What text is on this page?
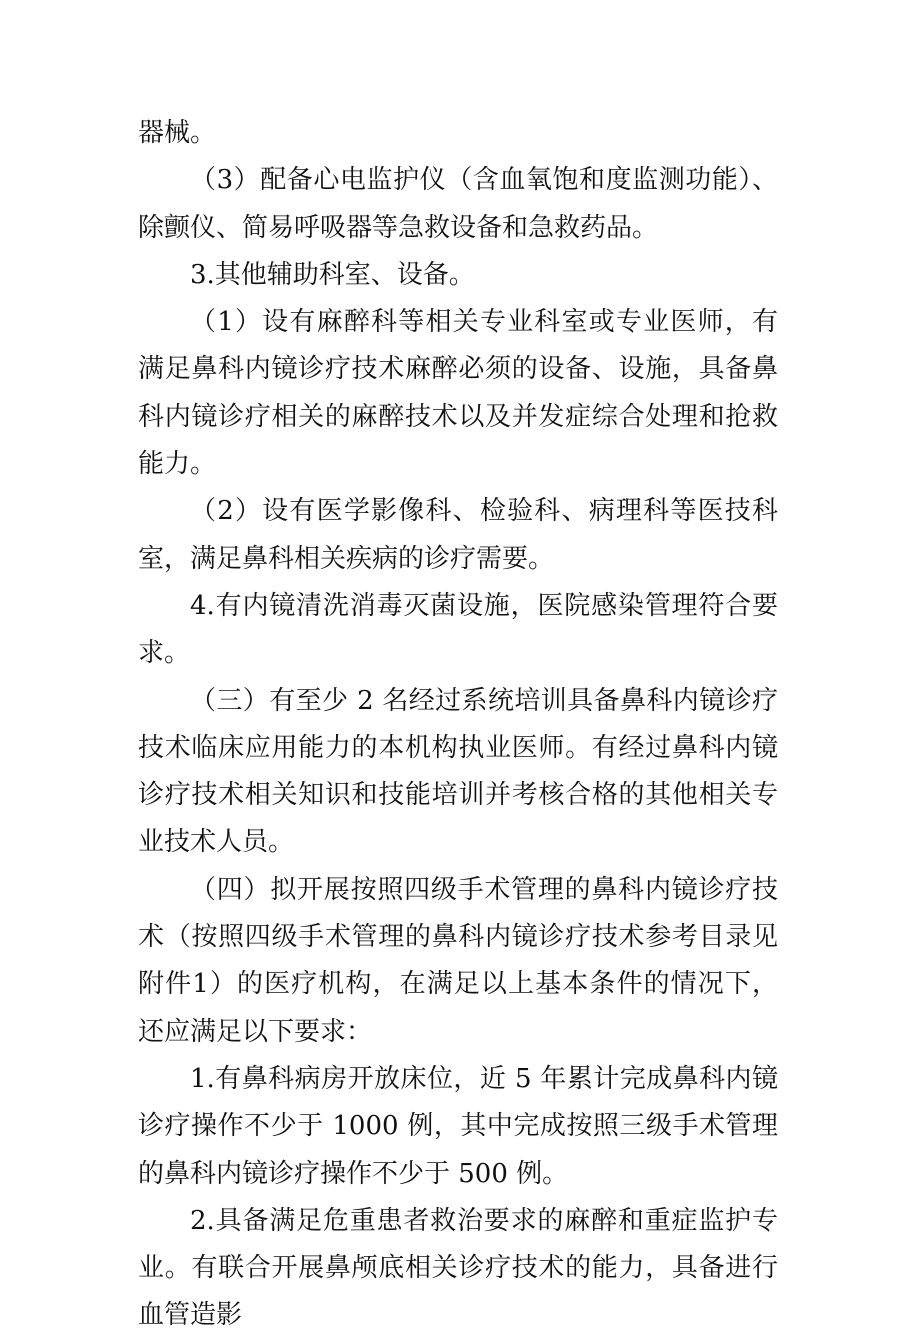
器械。

（3）配备心电监护仪（含血氧饱和度监测功能）、除颤仪、简易呼吸器等急救设备和急救药品。

3.其他辅助科室、设备。

（1）设有麻醉科等相关专业科室或专业医师，有满足鼻科内镜诊疗技术麻醉必须的设备、设施，具备鼻科内镜诊疗相关的麻醉技术以及并发症综合处理和抢救能力。

（2）设有医学影像科、检验科、病理科等医技科室，满足鼻科相关疾病的诊疗需要。

4.有内镜清洗消毒灭菌设施，医院感染管理符合要求。

（三）有至少 2 名经过系统培训具备鼻科内镜诊疗技术临床应用能力的本机构执业医师。有经过鼻科内镜诊疗技术相关知识和技能培训并考核合格的其他相关专业技术人员。

（四）拟开展按照四级手术管理的鼻科内镜诊疗技术（按照四级手术管理的鼻科内镜诊疗技术参考目录见附件1）的医疗机构，在满足以上基本条件的情况下，还应满足以下要求：

1.有鼻科病房开放床位，近 5 年累计完成鼻科内镜诊疗操作不少于 1000 例，其中完成按照三级手术管理的鼻科内镜诊疗操作不少于 500 例。

2.具备满足危重患者救治要求的麻醉和重症监护专业。有联合开展鼻颅底相关诊疗技术的能力，具备进行血管造影
